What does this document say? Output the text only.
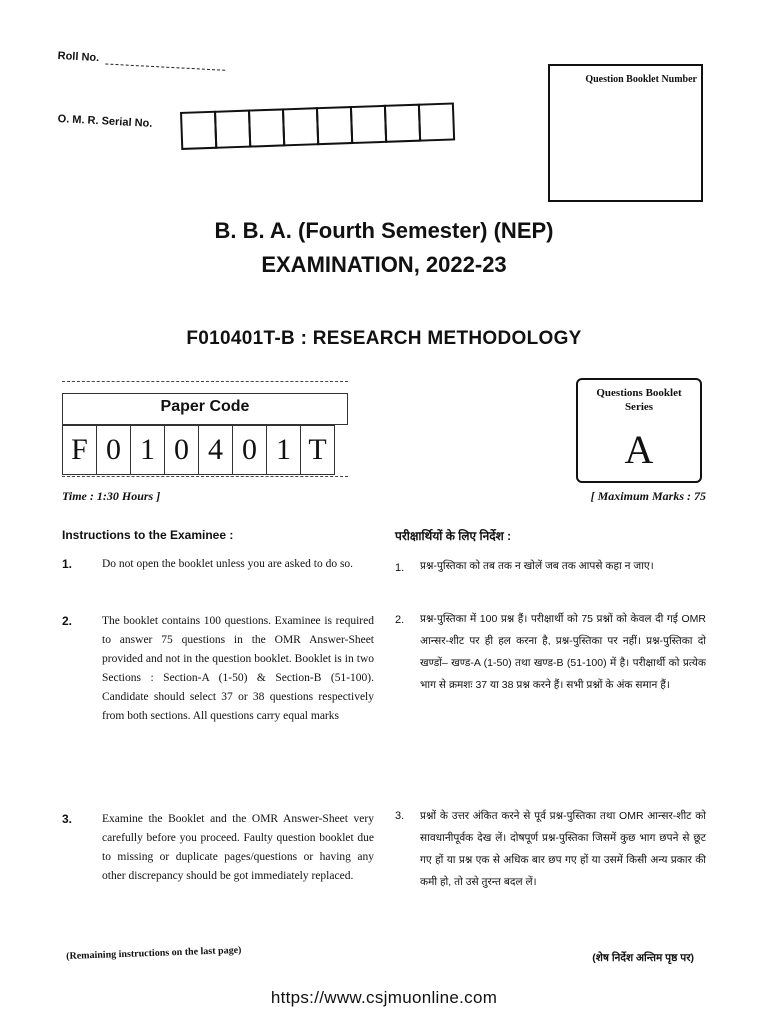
Roll No.
O. M. R. Serial No.
Question Booklet Number
B. B. A. (Fourth Semester) (NEP)
EXAMINATION, 2022-23
F010401T-B : RESEARCH METHODOLOGY
Paper Code
F 0 1 0 4 0 1 T
Questions Booklet
Series
A
Time : 1:30 Hours ]	[ Maximum Marks : 75
Instructions to the Examinee :
1.	Do not open the booklet unless you are asked to do so.
2.	The booklet contains 100 questions. Examinee is required to answer 75 questions in the OMR Answer-Sheet provided and not in the question booklet. Booklet is in two Sections : Section-A (1-50) & Section-B (51-100). Candidate should select 37 or 38 questions respectively from both sections. All questions carry equal marks
3.	Examine the Booklet and the OMR Answer-Sheet very carefully before you proceed. Faulty question booklet due to missing or duplicate pages/questions or having any other discrepancy should be got immediately replaced.
परीक्षार्थियों के लिए निर्देश :
1. प्रश्न-पुस्तिका को तब तक न खोलें जब तक आपसे कहा न जाए।
2. प्रश्न-पुस्तिका में 100 प्रश्न हैं। परीक्षार्थी को 75 प्रश्नों को केवल दी गई OMR आन्सर-शीट पर ही हल करना है, प्रश्न-पुस्तिका पर नहीं। प्रश्न-पुस्तिका दो खण्डों– खण्ड-A (1-50) तथा खण्ड-B (51-100) में है। परीक्षार्थी को प्रत्येक भाग से क्रमशः 37 या 38 प्रश्न करने हैं। सभी प्रश्नों के अंक समान हैं।
3. प्रश्नों के उत्तर अंकित करने से पूर्व प्रश्न-पुस्तिका तथा OMR आन्सर-शीट को सावधानीपूर्वक देख लें। दोषपूर्ण प्रश्न-पुस्तिका जिसमें कुछ भाग छपने से छूट गए हों या प्रश्न एक से अधिक बार छप गए हों या उसमें किसी अन्य प्रकार की कमी हो, तो उसे तुरन्त बदल लें।
(Remaining instructions on the last page)	(शेष निर्देश अन्तिम पृष्ठ पर)
https://www.csjmuonline.com
